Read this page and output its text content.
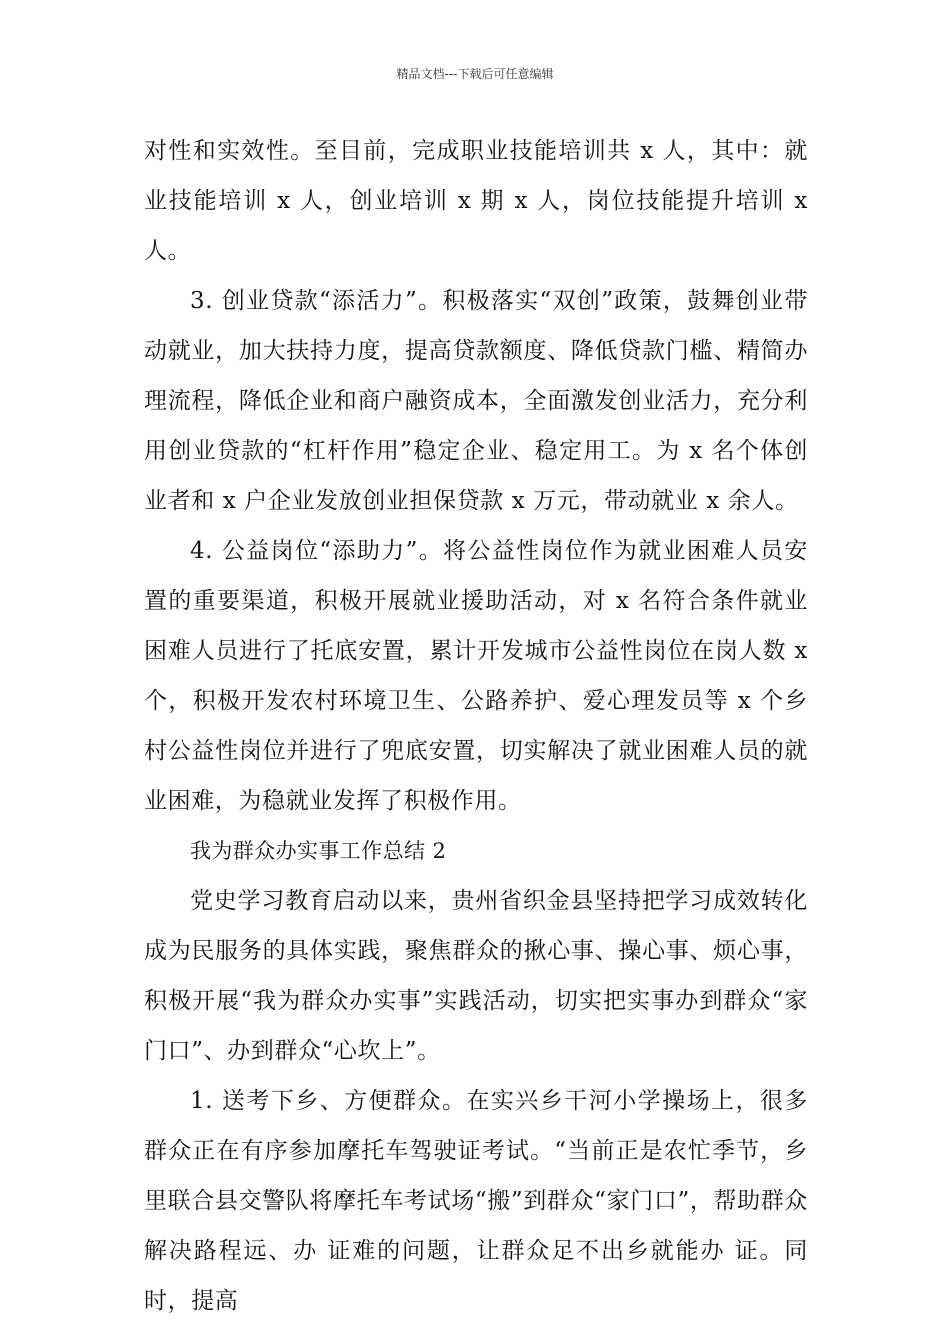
精品文档---下载后可任意编辑

对性和实效性。至目前，完成职业技能培训共 x 人，其中：就业技能培训 x 人，创业培训 x 期 x 人，岗位技能提升培训 x 人。

3. 创业贷款“添活力”。积极落实“双创”政策，鼓舞创业带动就业，加大扶持力度，提高贷款额度、降低贷款门槛、精简办理流程，降低企业和商户融资成本，全面激发创业活力，充分利用创业贷款的“杠杆作用”稳定企业、稳定用工。为 x 名个体创业者和 x 户企业发放创业担保贷款 x 万元，带动就业 x 余人。

4. 公益岗位“添助力”。将公益性岗位作为就业困难人员安置的重要渠道，积极开展就业援助活动，对 x 名符合条件就业困难人员进行了托底安置，累计开发城市公益性岗位在岗人数 x 个，积极开发农村环境卫生、公路养护、爱心理发员等 x 个乡村公益性岗位并进行了兜底安置，切实解决了就业困难人员的就业困难，为稳就业发挥了积极作用。

我为群众办实事工作总结 2

党史学习教育启动以来，贵州省织金县坚持把学习成效转化成为民服务的具体实践，聚焦群众的揪心事、操心事、烦心事，积极开展“我为群众办实事”实践活动，切实把实事办到群众“家门口”、办到群众“心坎上”。

1. 送考下乡、方便群众。在实兴乡干河小学操场上，很多群众正在有序参加摩托车驾驶证考试。“当前正是农忙季节，乡里联合县交警队将摩托车考试场“搬”到群众“家门口”，帮助群众解决路程远、办 证难的问题，让群众足不出乡就能办 证。同时，提高
